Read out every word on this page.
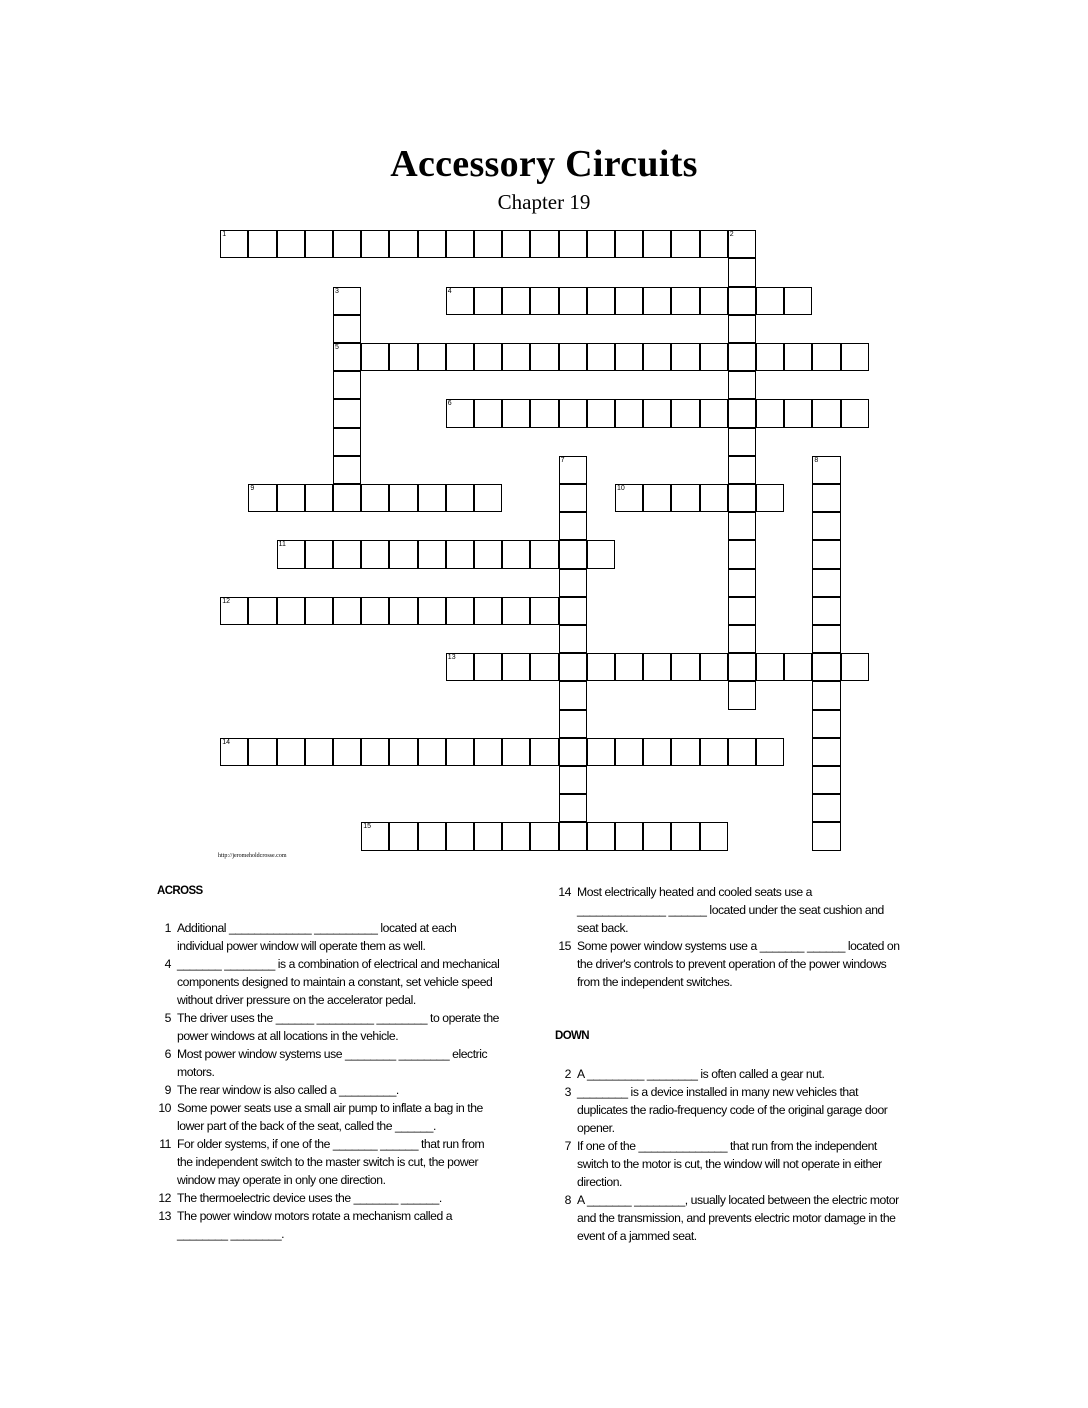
Accessory Circuits
Chapter 19
1	2
3
5
4
6
7	8
9	10
11
12
13
14
15
http://jeromeholdcrosse.com
ACROSS
1 Additional _____________ __________ located at each individual power window will operate them as well.
4 _______ ________ is a combination of electrical and mechanical components designed to maintain a constant, set vehicle speed without driver pressure on the accelerator pedal.
5 The driver uses the ______ _________ ________ to operate the power windows at all locations in the vehicle.
6 Most power window systems use ________ ________ electric motors.
9 The rear window is also called a _________.
10 Some power seats use a small air pump to inflate a bag in the lower part of the back of the seat, called the ______.
11 For older systems, if one of the _______ ______ that run from the independent switch to the master switch is cut, the power window may operate in only one direction.
12 The thermoelectric device uses the _______ ______.
13 The power window motors rotate a mechanism called a ________ ________.
14 Most electrically heated and cooled seats use a ______________ ______ located under the seat cushion and seat back.
15 Some power window systems use a _______ ______ located on the driver's controls to prevent operation of the power windows from the independent switches.
DOWN
2 A _________ ________ is often called a gear nut.
3 ________ is a device installed in many new vehicles that duplicates the radio-frequency code of the original garage door opener.
7 If one of the ______________ that run from the independent switch to the motor is cut, the window will not operate in either direction.
8 A _______ ________, usually located between the electric motor and the transmission, and prevents electric motor damage in the event of a jammed seat.
